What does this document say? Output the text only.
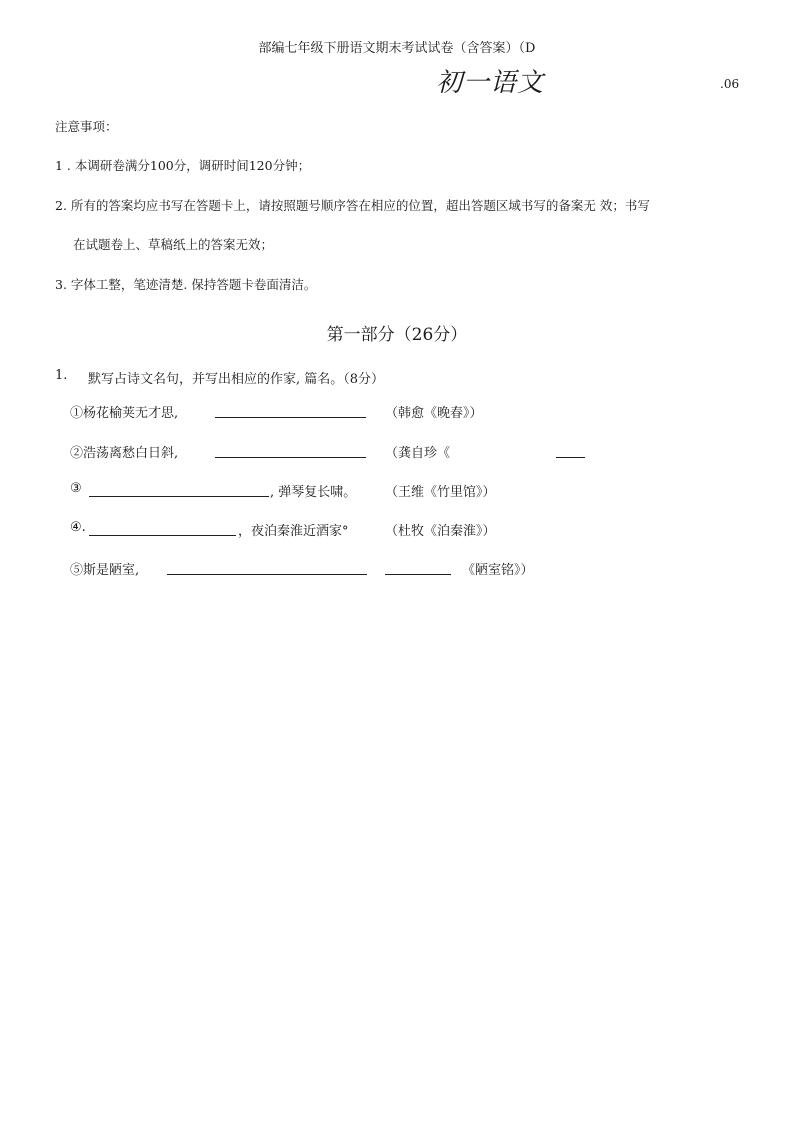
部编七年级下册语文期末考试试卷（含答案）（D
初一语文	.06
注意事项：
1 . 本调研卷满分100分，调研时间120分钟；
2. 所有的答案均应书写在答题卡上，请按照题号顺序答在相应的位置，超出答题区域书写的备案无 效；书写
在试题卷上、草稿纸上的答案无效；
3. 字体工整，笔迹清楚. 保持答题卡卷面清洁。
第一部分（26分）
1. 默写占诗文名句，并写出相应的作家, 篇名。（8分）
①杨花榆荚无才思,	（韩愈《晚春》）
②浩荡离愁白日斜,	（龚自珍《
③	, 弹琴复长啸。 （王维《竹里馆》）
④.	，夜泊秦淮近酒家°	（杜牧《泊秦淮》）
⑤斯是陋室,	《陋室铭》）
